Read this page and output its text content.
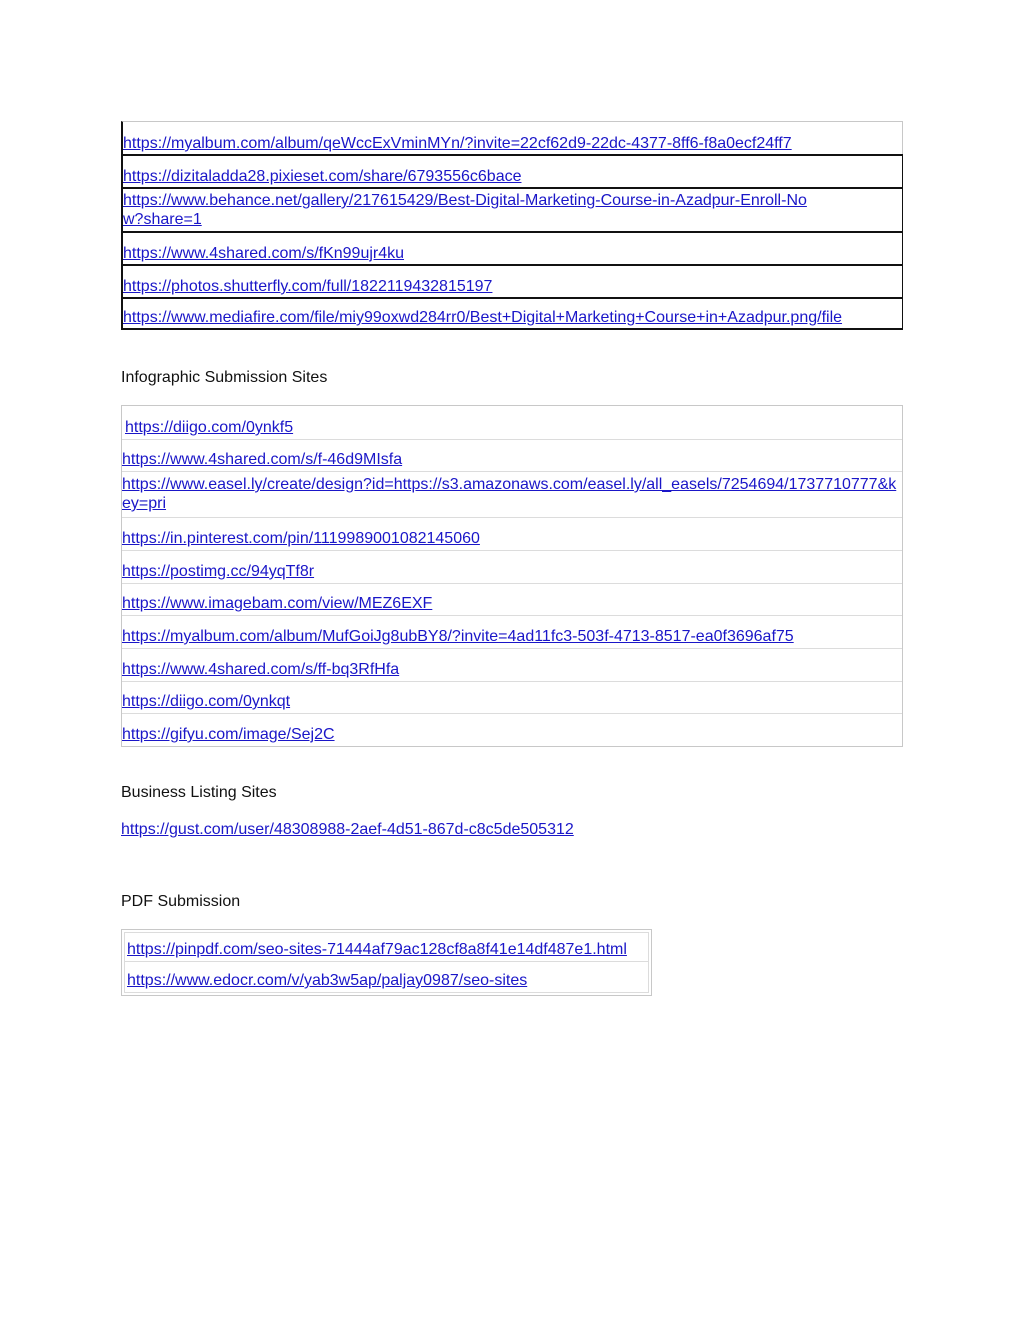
https://myalbum.com/album/qeWccExVminMYn/?invite=22cf62d9-22dc-4377-8ff6-f8a0ecf24ff7
https://dizitaladda28.pixieset.com/share/6793556c6bace
https://www.behance.net/gallery/217615429/Best-Digital-Marketing-Course-in-Azadpur-Enroll-Now?share=1
https://www.4shared.com/s/fKn99ujr4ku
https://photos.shutterfly.com/full/1822119432815197
https://www.mediafire.com/file/miy99oxwd284rr0/Best+Digital+Marketing+Course+in+Azadpur.png/file
Infographic Submission Sites
https://diigo.com/0ynkf5
https://www.4shared.com/s/f-46d9MIsfa
https://www.easel.ly/create/design?id=https://s3.amazonaws.com/easel.ly/all_easels/7254694/1737710777&key=pri
https://in.pinterest.com/pin/1119989001082145060
https://postimg.cc/94yqTf8r
https://www.imagebam.com/view/MEZ6EXF
https://myalbum.com/album/MufGoiJg8ubBY8/?invite=4ad11fc3-503f-4713-8517-ea0f3696af75
https://www.4shared.com/s/ff-bq3RfHfa
https://diigo.com/0ynkqt
https://gifyu.com/image/Sej2C
Business Listing Sites
https://gust.com/user/48308988-2aef-4d51-867d-c8c5de505312
PDF Submission
https://pinpdf.com/seo-sites-71444af79ac128cf8a8f41e14df487e1.html
https://www.edocr.com/v/yab3w5ap/paljay0987/seo-sites
